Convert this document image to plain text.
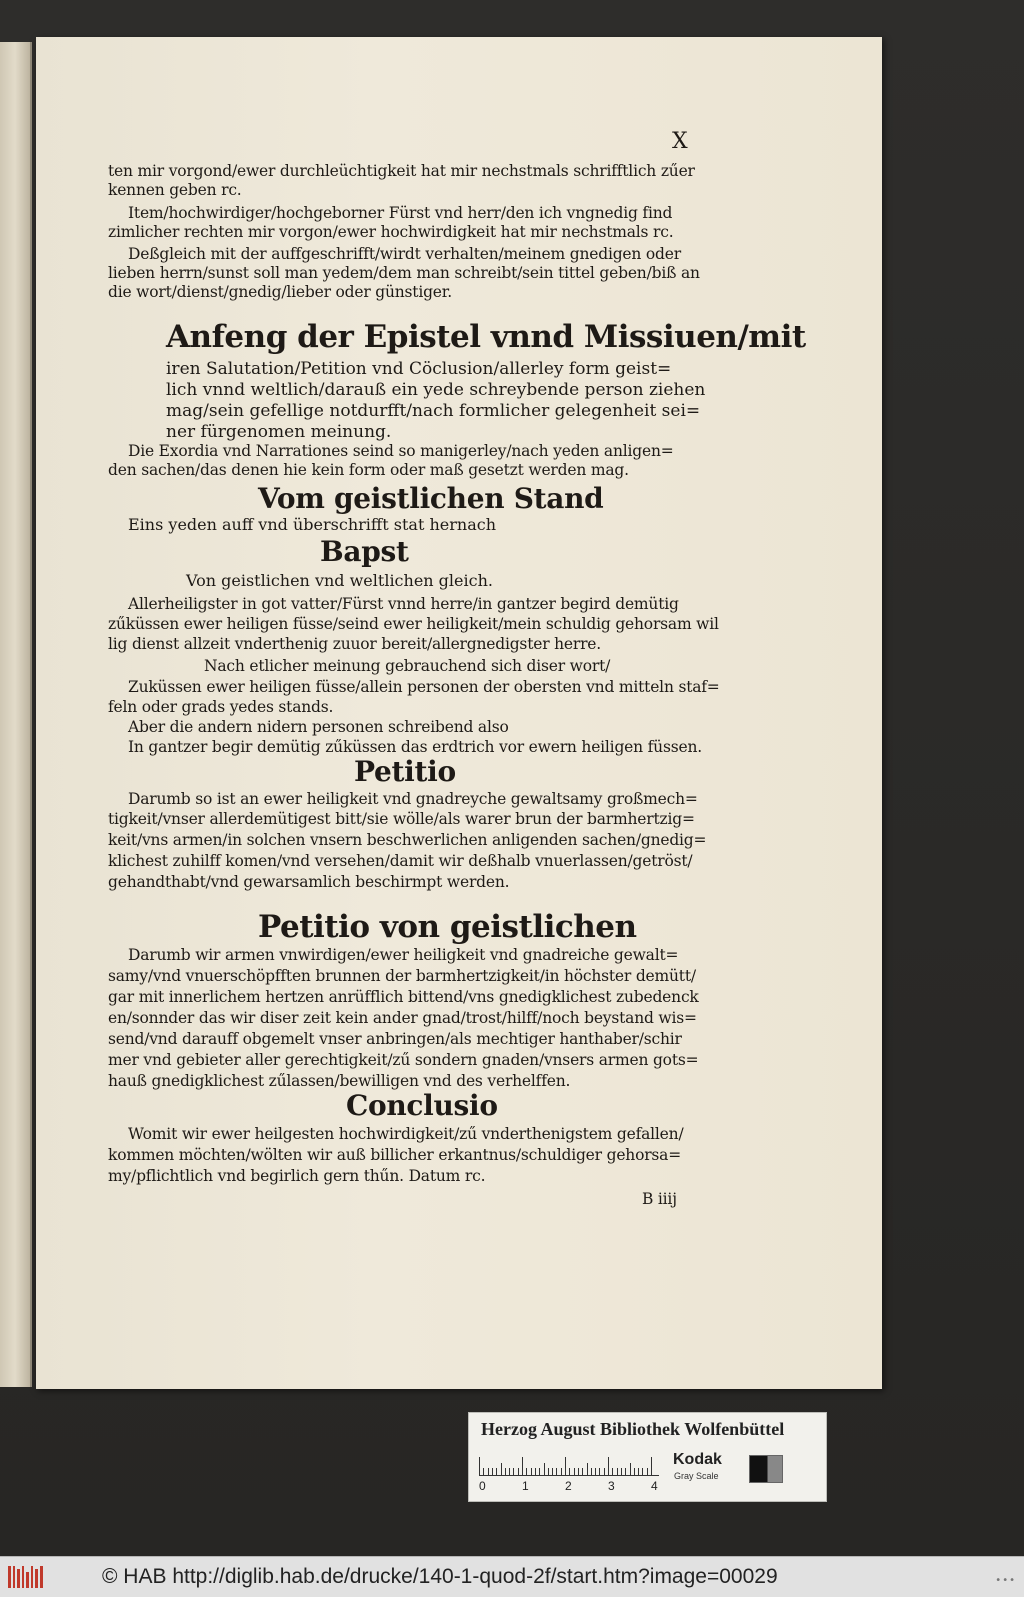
X
ten mir vorgond/ewer durchleüchtigkeit hat mir nechstmals schrifftlich zűer
kennen geben rc.
Item/hochwirdiger/hochgeborner Fürst vnd herr/den ich vngnedig find
zimlicher rechten mir vorgon/ewer hochwirdigkeit hat mir nechstmals rc.
Deßgleich mit der auffgeschrifft/wirdt verhalten/meinem gnedigen oder
lieben herrn/sunst soll man yedem/dem man schreibt/sein tittel geben/biß an
die wort/dienst/gnedig/lieber oder günstiger.
Anfeng der Epistel vnnd Missiuen/mit
iren Salutation/Petition vnd Cöclusion/allerley form geist=
lich vnnd weltlich/darauß ein yede schreybende person ziehen
mag/sein gefellige notdurfft/nach formlicher gelegenheit sei=
ner fürgenomen meinung.
Die Exordia vnd Narrationes seind so manigerley/nach yeden anligen=
den sachen/das denen hie kein form oder maß gesetzt werden mag.
Vom geistlichen Stand
Eins yeden auff vnd überschrifft stat hernach
Bapst
Von geistlichen vnd weltlichen gleich.
Allerheiligster in got vatter/Fürst vnnd herre/in gantzer begird demütig
zűküssen ewer heiligen füsse/seind ewer heiligkeit/mein schuldig gehorsam wil
lig dienst allzeit vnderthenig zuuor bereit/allergnedigster herre.
Nach etlicher meinung gebrauchend sich diser wort/
Zuküssen ewer heiligen füsse/allein personen der obersten vnd mitteln staf=
feln oder grads yedes stands.
Aber die andern nidern personen schreibend also
In gantzer begir demütig zűküssen das erdtrich vor ewern heiligen füssen.
Petitio
Darumb so ist an ewer heiligkeit vnd gnadreyche gewaltsamy großmech=
tigkeit/vnser allerdemütigest bitt/sie wölle/als warer brun der barmhertzig=
keit/vns armen/in solchen vnsern beschwerlichen anligenden sachen/gnedig=
klichest zuhilff komen/vnd versehen/damit wir deßhalb vnuerlassen/getröst/
gehandthabt/vnd gewarsamlich beschirmpt werden.
Petitio von geistlichen
Darumb wir armen vnwirdigen/ewer heiligkeit vnd gnadreiche gewalt=
samy/vnd vnuerschöpfften brunnen der barmhertzigkeit/in höchster demütt/
gar mit innerlichem hertzen anrüfflich bittend/vns gnedigklichest zubedenck
en/sonnder das wir diser zeit kein ander gnad/trost/hilff/noch beystand wis=
send/vnd darauff obgemelt vnser anbringen/als mechtiger hanthaber/schir
mer vnd gebieter aller gerechtigkeit/zű sondern gnaden/vnsers armen gots=
hauß gnedigklichest zűlassen/bewilligen vnd des verhelffen.
Conclusio
Womit wir ewer heilgesten hochwirdigkeit/zű vnderthenigstem gefallen/
kommen möchten/wölten wir auß billicher erkantnus/schuldiger gehorsa=
my/pflichtlich vnd begirlich gern thűn. Datum rc.
B iiij
Herzog August Bibliothek Wolfenbüttel
0	1	2	3	4
Kodak
Gray Scale
© HAB http://diglib.hab.de/drucke/140-1-quod-2f/start.htm?image=00029	•••
